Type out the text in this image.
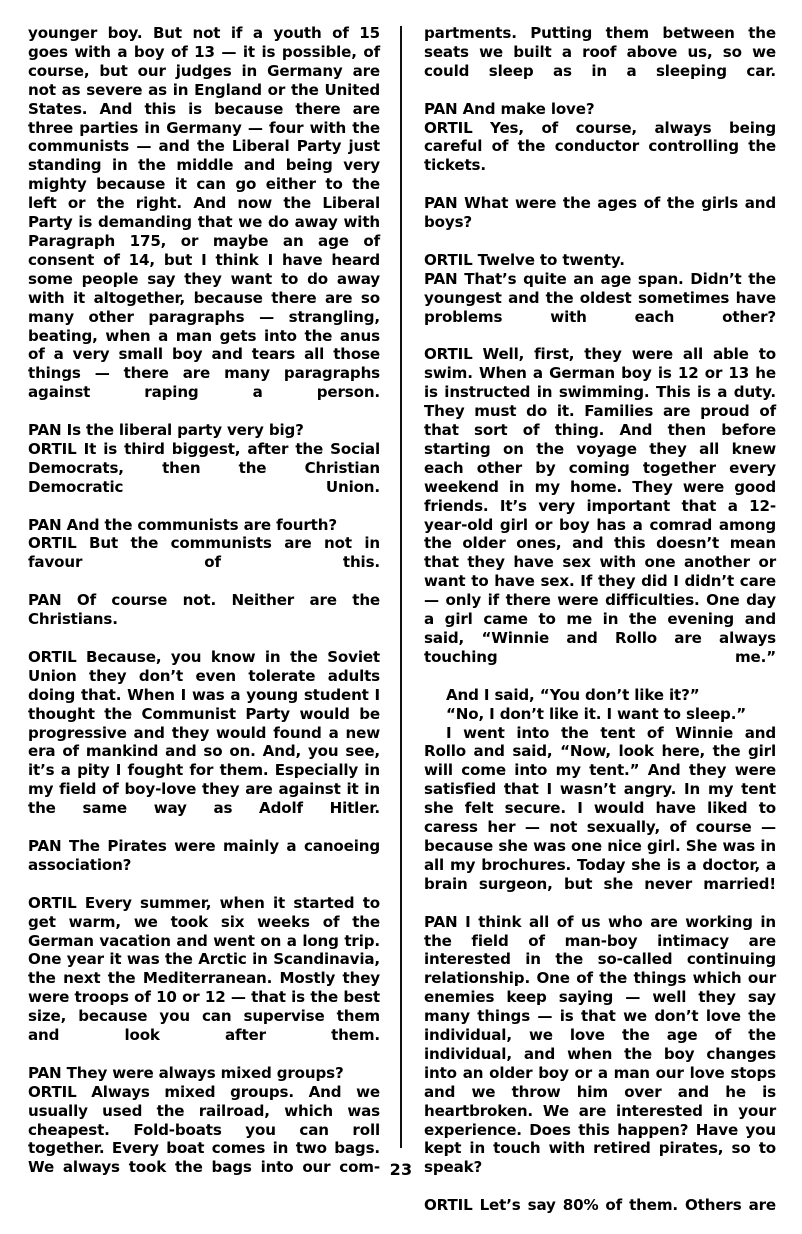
younger boy. But not if a youth of 15 goes with a boy of 13 — it is possible, of course, but our judges in Germany are not as severe as in England or the United States. And this is because there are three parties in Germany — four with the communists — and the Liberal Party just standing in the middle and being very mighty because it can go either to the left or the right. And now the Liberal Party is demanding that we do away with Paragraph 175, or maybe an age of consent of 14, but I think I have heard some people say they want to do away with it altogether, because there are so many other paragraphs — strangling, beating, when a man gets into the anus of a very small boy and tears all those things — there are many paragraphs against raping a person.

PAN Is the liberal party very big?

ORTIL It is third biggest, after the Social Democrats, then the Christian Democratic Union.

PAN And the communists are fourth?

ORTIL But the communists are not in favour of this.

PAN Of course not. Neither are the Christians.

ORTIL Because, you know in the Soviet Union they don’t even tolerate adults doing that. When I was a young student I thought the Communist Party would be progressive and they would found a new era of mankind and so on. And, you see, it’s a pity I fought for them. Especially in my field of boy-love they are against it in the same way as Adolf Hitler.

PAN The Pirates were mainly a canoeing association?

ORTIL Every summer, when it started to get warm, we took six weeks of the German vacation and went on a long trip. One year it was the Arctic in Scandinavia, the next the Mediterranean. Mostly they were troops of 10 or 12 — that is the best size, because you can supervise them and look after them.

PAN They were always mixed groups?

ORTIL Always mixed groups. And we usually used the railroad, which was cheapest. Fold-boats you can roll together. Every boat comes in two bags. We always took the bags into our com-

partments. Putting them between the seats we built a roof above us, so we could sleep as in a sleeping car.

PAN And make love?

ORTIL Yes, of course, always being careful of the conductor controlling the tickets.

PAN What were the ages of the girls and boys?

ORTIL Twelve to twenty.

PAN That’s quite an age span. Didn’t the youngest and the oldest sometimes have problems with each other?

ORTIL Well, first, they were all able to swim. When a German boy is 12 or 13 he is instructed in swimming. This is a duty. They must do it. Families are proud of that sort of thing. And then before starting on the voyage they all knew each other by coming together every weekend in my home. They were good friends. It’s very important that a 12-year-old girl or boy has a comrad among the older ones, and this doesn’t mean that they have sex with one another or want to have sex. If they did I didn’t care — only if there were difficulties. One day a girl came to me in the evening and said, “Winnie and Rollo are always touching me.”

And I said, “You don’t like it?”

“No, I don’t like it. I want to sleep.”

I went into the tent of Winnie and Rollo and said, “Now, look here, the girl will come into my tent.” And they were satisfied that I wasn’t angry. In my tent she felt secure. I would have liked to caress her — not sexually, of course — because she was one nice girl. She was in all my brochures. Today she is a doctor, a brain surgeon, but she never married!

PAN I think all of us who are working in the field of man-boy intimacy are interested in the so-called continuing relationship. One of the things which our enemies keep saying — well they say many things — is that we don’t love the individual, we love the age of the individual, and when the boy changes into an older boy or a man our love stops and we throw him over and he is heartbroken. We are interested in your experience. Does this happen? Have you kept in touch with retired pirates, so to speak?

ORTIL Let’s say 80% of them. Others are

23
